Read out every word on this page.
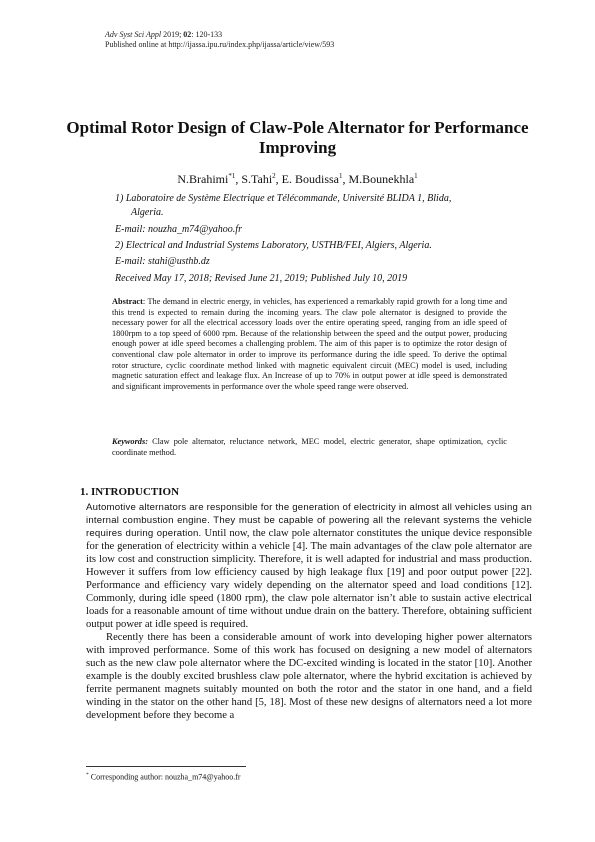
Adv Syst Sci Appl 2019; 02: 120-133
Published online at http://ijassa.ipu.ru/index.php/ijassa/article/view/593
Optimal Rotor Design of Claw-Pole Alternator for Performance Improving
N.Brahimi$^{*1}$, S.Tahi$^2$, E. Boudissa$^1$, M.Bounekhla$^1$
1) Laboratoire de Système Electrique et Télécommande, Université BLIDA 1, Blida,
Algeria.
E-mail: nouzha_m74@yahoo.fr
2) Electrical and Industrial Systems Laboratory, USTHB/FEI, Algiers, Algeria.
E-mail: stahi@usthb.dz
Received May 17, 2018; Revised June 21, 2019; Published July 10, 2019
Abstract: The demand in electric energy, in vehicles, has experienced a remarkably rapid growth for a long time and this trend is expected to remain during the incoming years. The claw pole alternator is designed to provide the necessary power for all the electrical accessory loads over the entire operating speed, ranging from an idle speed of 1800rpm to a top speed of 6000 rpm. Because of the relationship between the speed and the output power, producing enough power at idle speed becomes a challenging problem. The aim of this paper is to optimize the rotor design of conventional claw pole alternator in order to improve its performance during the idle speed. To derive the optimal rotor structure, cyclic coordinate method linked with magnetic equivalent circuit (MEC) model is used, including magnetic saturation effect and leakage flux. An Increase of up to 70% in output power at idle speed is demonstrated and significant improvements in performance over the whole speed range were observed.
Keywords: Claw pole alternator, reluctance network, MEC model, electric generator, shape optimization, cyclic coordinate method.
1. INTRODUCTION

Automotive alternators are responsible for the generation of electricity in almost all vehicles using an internal combustion engine. They must be capable of powering all the relevant systems the vehicle requires during operation. Until now, the claw pole alternator constitutes the unique device responsible for the generation of electricity within a vehicle [4]. The main advantages of the claw pole alternator are its low cost and construction simplicity. Therefore, it is well adapted for industrial and mass production. However it suffers from low efficiency caused by high leakage flux [19] and poor output power [22]. Performance and efficiency vary widely depending on the alternator speed and load conditions [12]. Commonly, during idle speed (1800 rpm), the claw pole alternator isn’t able to sustain active electrical loads for a reasonable amount of time without undue drain on the battery. Therefore, obtaining sufficient output power at idle speed is required.

Recently there has been a considerable amount of work into developing higher power alternators with improved performance. Some of this work has focused on designing a new model of alternators such as the new claw pole alternator where the DC-excited winding is located in the stator [10]. Another example is the doubly excited brushless claw pole alternator, where the hybrid excitation is achieved by ferrite permanent magnets suitably mounted on both the rotor and the stator in one hand, and a field winding in the stator on the other hand [5, 18]. Most of these new designs of alternators need a lot more development before they become a

* Corresponding author: nouzha_m74@yahoo.fr
